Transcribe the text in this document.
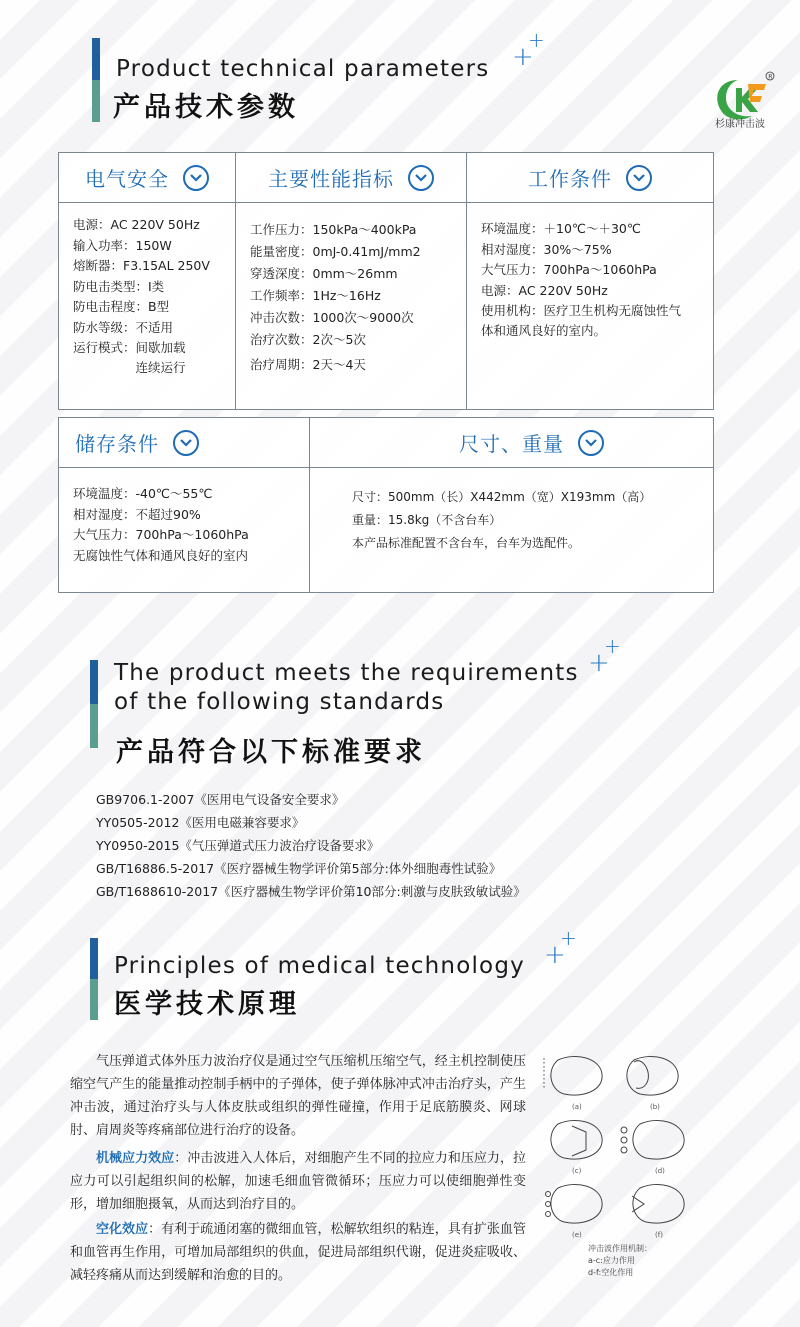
Product technical parameters
产品技术参数
+
+
R
杉康冲击波
电气安全
电源：AC 220V 50Hz
输入功率：150W
熔断器：F3.15AL 250V
防电击类型：I类
防电击程度：B型
防水等级：不适用
运行模式：间歇加载
　　　　　连续运行
主要性能指标
工作压力：150kPa～400kPa
能量密度：0mJ-0.41mJ/mm2
穿透深度：0mm～26mm
工作频率：1Hz～16Hz
冲击次数：1000次～9000次
治疗次数：2次～5次
治疗周期：2天～4天
工作条件
环境温度：＋10℃～＋30℃
相对湿度：30%～75%
大气压力：700hPa～1060hPa
电源：AC 220V 50Hz
使用机构：医疗卫生机构无腐蚀性气
体和通风良好的室内。
储存条件
环境温度：-40℃～55℃
相对湿度：不超过90%
大气压力：700hPa～1060hPa
无腐蚀性气体和通风良好的室内
尺寸、重量
尺寸：500mm（长）X442mm（宽）X193mm（高）
重量：15.8kg（不含台车）
本产品标准配置不含台车，台车为选配件。
The product meets the requirements
of the following standards
产品符合以下标准要求
+
+
GB9706.1-2007《医用电气设备安全要求》
YY0505-2012《医用电磁兼容要求》
YY0950-2015《气压弹道式压力波治疗设备要求》
GB/T16886.5-2017《医疗器械生物学评价第5部分:体外细胞毒性试验》
GB/T1688610-2017《医疗器械生物学评价第10部分:刺激与皮肤致敏试验》
Principles of medical technology
医学技术原理
+
+
气压弹道式体外压力波治疗仪是通过空气压缩机压缩空气，经主机控制使压缩空气产生的能量推动控制手柄中的子弹体，使子弹体脉冲式冲击治疗头，产生冲击波，通过治疗头与人体皮肤或组织的弹性碰撞，作用于足底筋膜炎、网球肘、肩周炎等疼痛部位进行治疗的设备。
机械应力效应：冲击波进入人体后，对细胞产生不同的拉应力和压应力，拉应力可以引起组织间的松解，加速毛细血管微循环；压应力可以使细胞弹性变形，增加细胞摄氧，从而达到治疗目的。
空化效应：有利于疏通闭塞的微细血管，松解软组织的粘连，具有扩张血管和血管再生作用，可增加局部组织的供血，促进局部组织代谢，促进炎症吸收、减轻疼痛从而达到缓解和治愈的目的。
(a)	(b)
(c)	(d)
(e)	(f)
冲击波作用机制：
a-c:应力作用
d-f:空化作用
